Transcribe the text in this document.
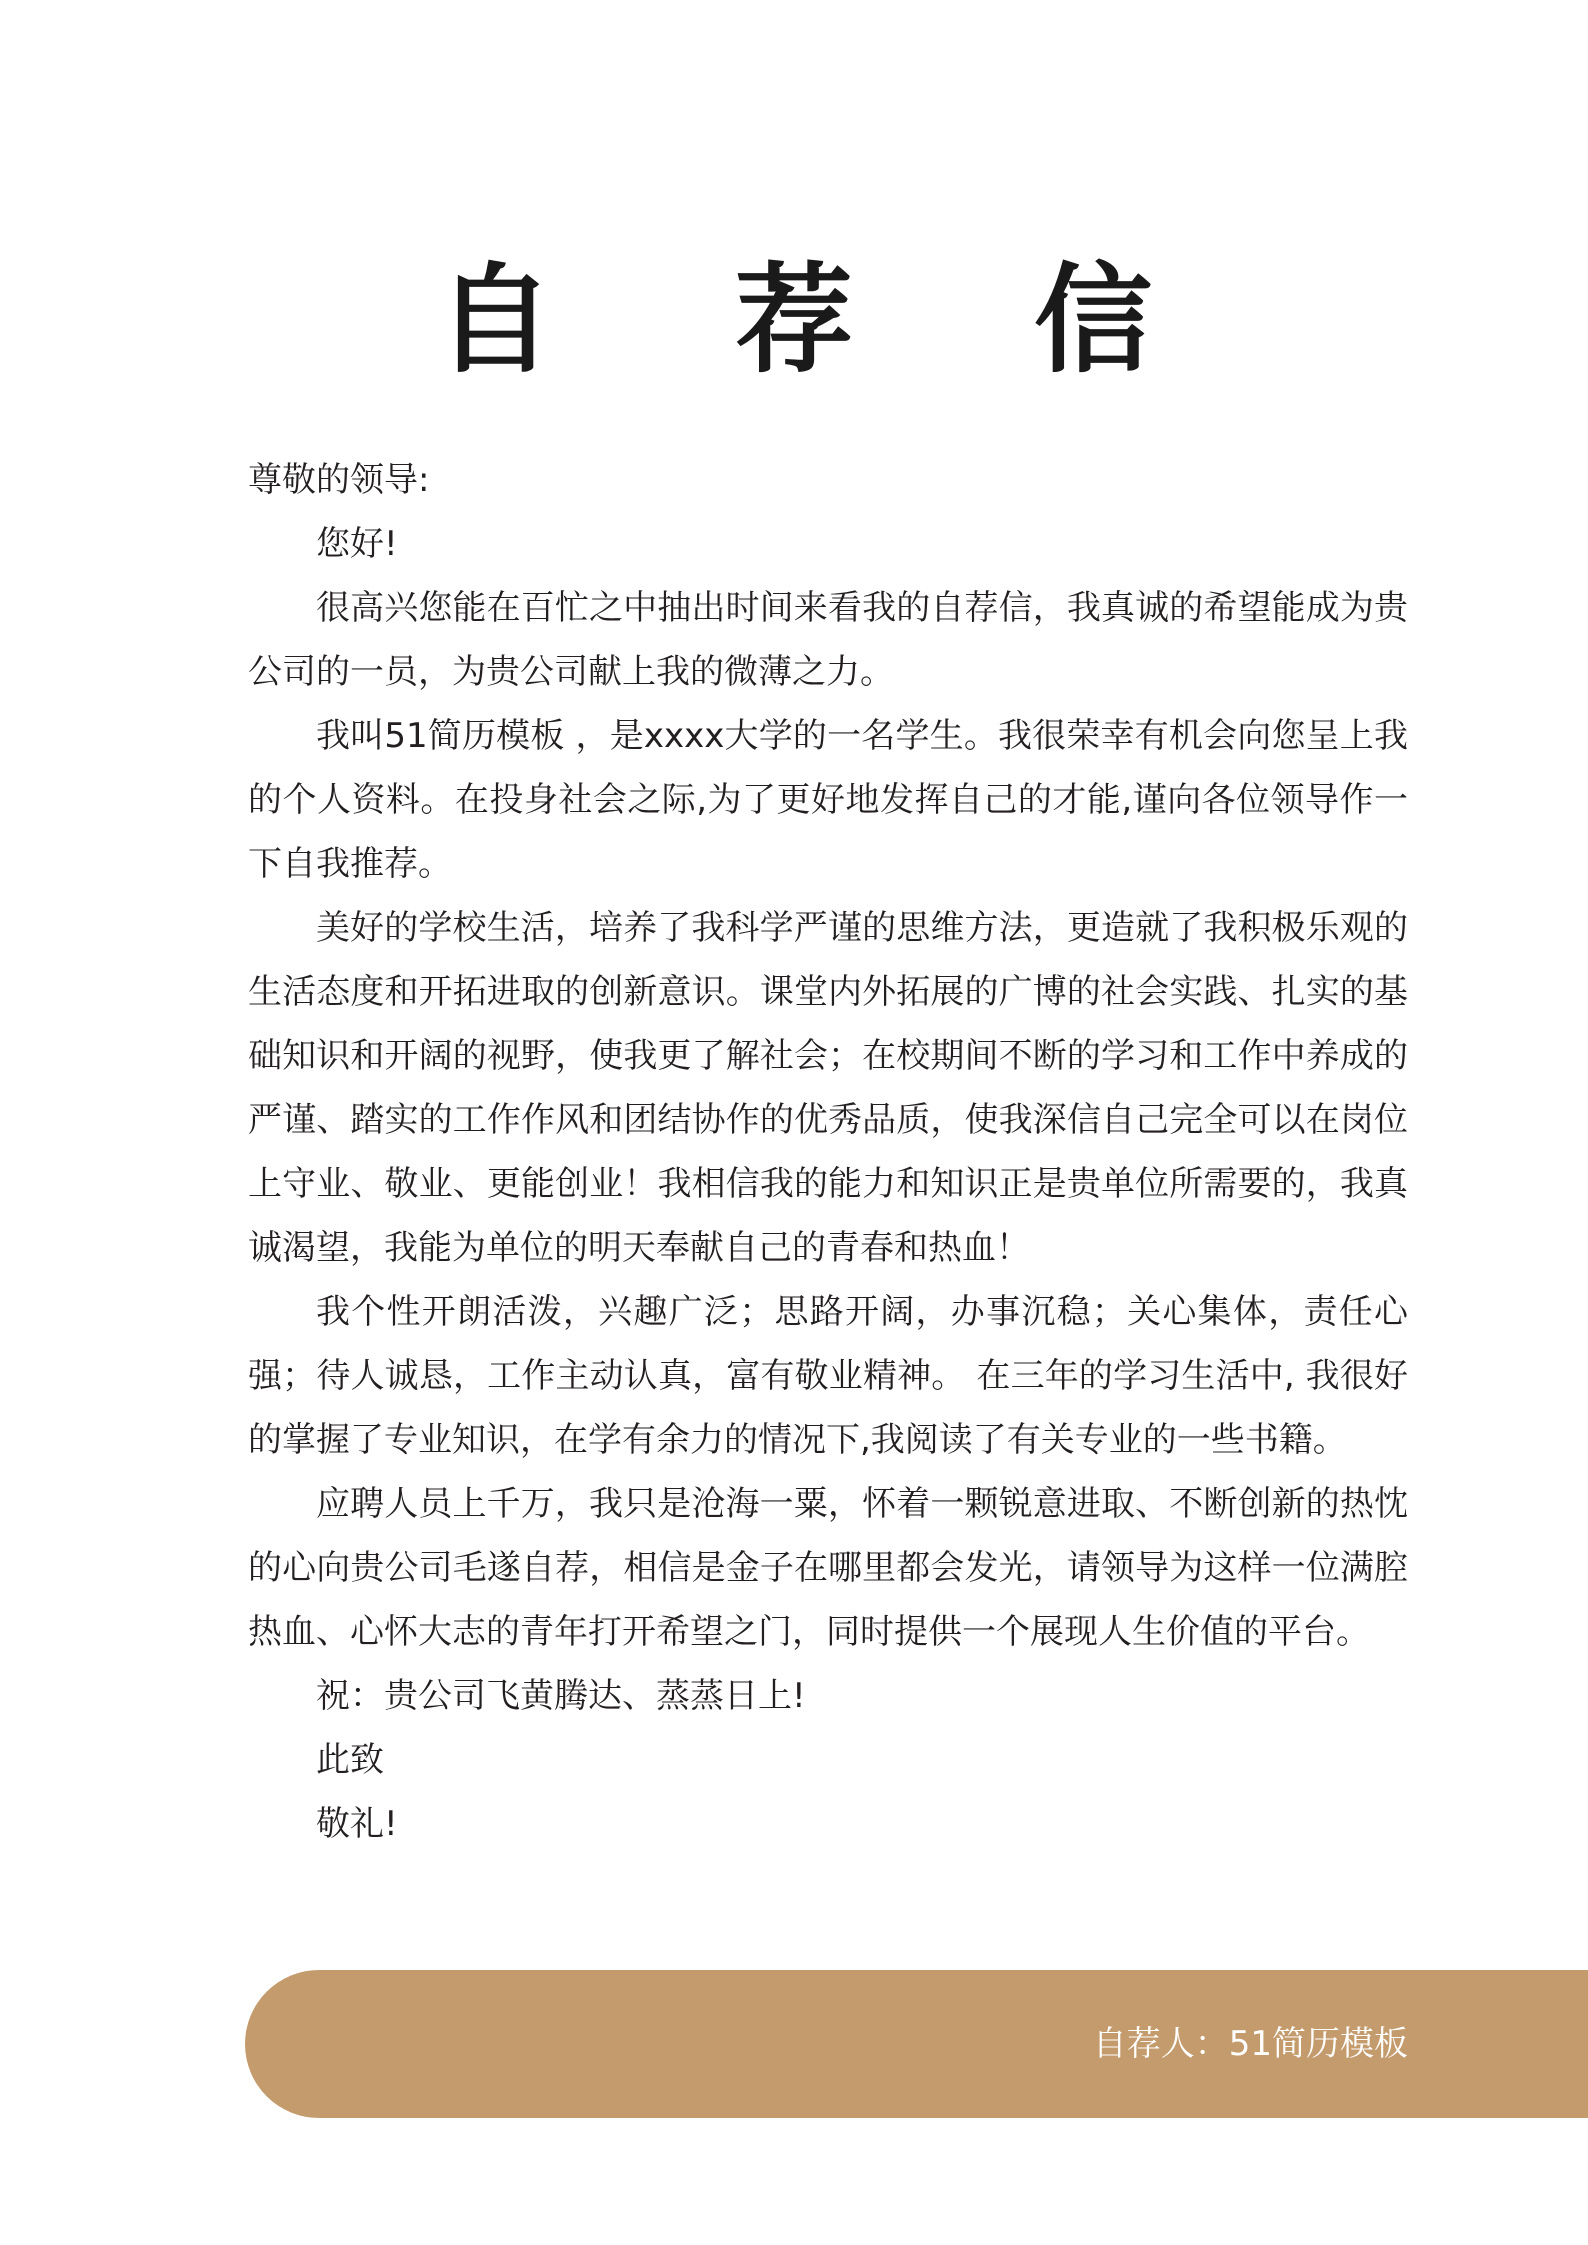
自 荐 信

尊敬的领导:

您好!

很高兴您能在百忙之中抽出时间来看我的自荐信，我真诚的希望能成为贵公司的一员，为贵公司献上我的微薄之力。

我叫51简历模板 ，是xxxx大学的一名学生。我很荣幸有机会向您呈上我的个人资料。在投身社会之际,为了更好地发挥自己的才能,谨向各位领导作一下自我推荐。

美好的学校生活，培养了我科学严谨的思维方法，更造就了我积极乐观的生活态度和开拓进取的创新意识。课堂内外拓展的广博的社会实践、扎实的基础知识和开阔的视野，使我更了解社会；在校期间不断的学习和工作中养成的严谨、踏实的工作作风和团结协作的优秀品质，使我深信自己完全可以在岗位上守业、敬业、更能创业！我相信我的能力和知识正是贵单位所需要的，我真诚渴望，我能为单位的明天奉献自己的青春和热血！

我个性开朗活泼，兴趣广泛；思路开阔，办事沉稳；关心集体，责任心强；待人诚恳，工作主动认真，富有敬业精神。 在三年的学习生活中, 我很好的掌握了专业知识，在学有余力的情况下,我阅读了有关专业的一些书籍。

应聘人员上千万，我只是沧海一粟，怀着一颗锐意进取、不断创新的热忱的心向贵公司毛遂自荐，相信是金子在哪里都会发光，请领导为这样一位满腔热血、心怀大志的青年打开希望之门，同时提供一个展现人生价值的平台。

祝：贵公司飞黄腾达、蒸蒸日上!

此致

敬礼!

自荐人：51简历模板
